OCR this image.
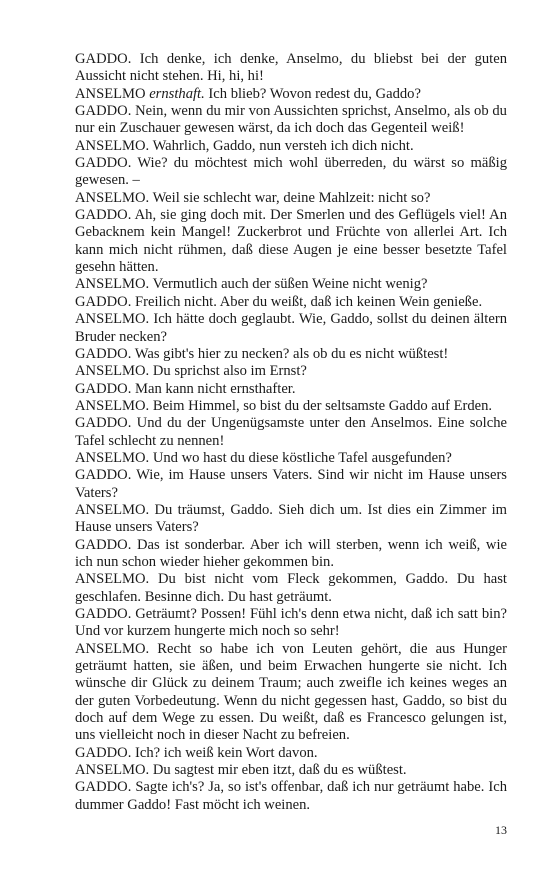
GADDO. Ich denke, ich denke, Anselmo, du bliebst bei der guten Aussicht nicht stehen. Hi, hi, hi!

ANSELMO ernsthaft. Ich blieb? Wovon redest du, Gaddo?

GADDO. Nein, wenn du mir von Aussichten sprichst, Anselmo, als ob du nur ein Zuschauer gewesen wärst, da ich doch das Gegenteil weiß!

ANSELMO. Wahrlich, Gaddo, nun versteh ich dich nicht.

GADDO. Wie? du möchtest mich wohl überreden, du wärst so mäßig gewesen. –

ANSELMO. Weil sie schlecht war, deine Mahlzeit: nicht so?

GADDO. Ah, sie ging doch mit. Der Smerlen und des Geflügels viel! An Gebacknem kein Mangel! Zuckerbrot und Früchte von allerlei Art. Ich kann mich nicht rühmen, daß diese Augen je eine besser besetzte Tafel gesehn hätten.

ANSELMO. Vermutlich auch der süßen Weine nicht wenig?

GADDO. Freilich nicht. Aber du weißt, daß ich keinen Wein genieße.

ANSELMO. Ich hätte doch geglaubt. Wie, Gaddo, sollst du deinen ältern Bruder necken?

GADDO. Was gibt's hier zu necken? als ob du es nicht wüßtest!

ANSELMO. Du sprichst also im Ernst?

GADDO. Man kann nicht ernsthafter.

ANSELMO. Beim Himmel, so bist du der seltsamste Gaddo auf Erden.

GADDO. Und du der Ungenügsamste unter den Anselmos. Eine solche Tafel schlecht zu nennen!

ANSELMO. Und wo hast du diese köstliche Tafel ausgefunden?

GADDO. Wie, im Hause unsers Vaters. Sind wir nicht im Hause unsers Vaters?

ANSELMO. Du träumst, Gaddo. Sieh dich um. Ist dies ein Zimmer im Hause unsers Vaters?

GADDO. Das ist sonderbar. Aber ich will sterben, wenn ich weiß, wie ich nun schon wieder hieher gekommen bin.

ANSELMO. Du bist nicht vom Fleck gekommen, Gaddo. Du hast geschlafen. Besinne dich. Du hast geträumt.

GADDO. Geträumt? Possen! Fühl ich's denn etwa nicht, daß ich satt bin? Und vor kurzem hungerte mich noch so sehr!

ANSELMO. Recht so habe ich von Leuten gehört, die aus Hunger geträumt hatten, sie äßen, und beim Erwachen hungerte sie nicht. Ich wünsche dir Glück zu deinem Traum; auch zweifle ich keines weges an der guten Vorbedeutung. Wenn du nicht gegessen hast, Gaddo, so bist du doch auf dem Wege zu essen. Du weißt, daß es Francesco gelungen ist, uns vielleicht noch in dieser Nacht zu befreien.

GADDO. Ich? ich weiß kein Wort davon.

ANSELMO. Du sagtest mir eben itzt, daß du es wüßtest.

GADDO. Sagte ich's? Ja, so ist's offenbar, daß ich nur geträumt habe. Ich dummer Gaddo! Fast möcht ich weinen.

13
